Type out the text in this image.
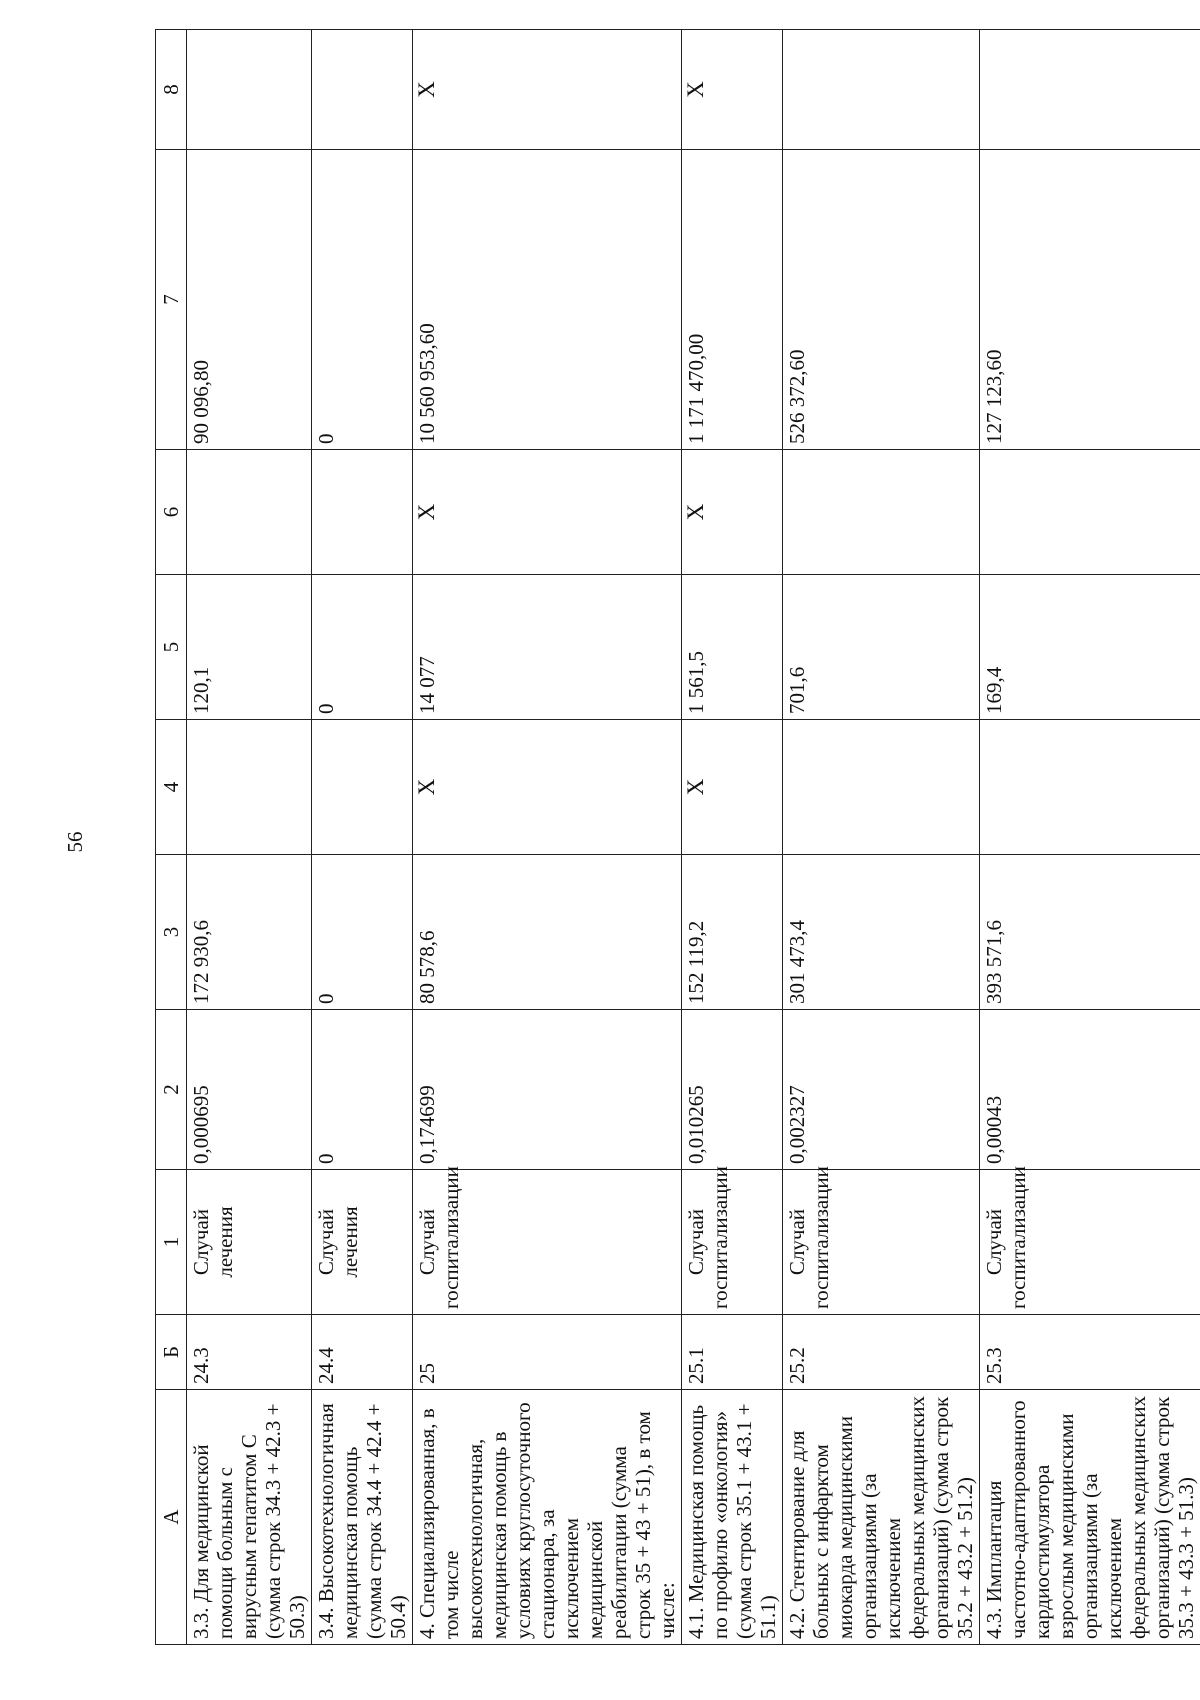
56
А	Б	1	2	3	4	5	6	7	8
3.3. Для медицинской помощи больным с вирусным гепатитом С (сумма строк 34.3 + 42.3 + 50.3)	24.3	Случай лечения	0,000695	172 930,6		120,1		90 096,80	
3.4. Высокотехнологичная медицинская помощь (сумма строк 34.4 + 42.4 + 50.4)	24.4	Случай лечения	0	0		0		0	
4. Специализированная, в том числе высокотехнологичная, медицинская помощь в условиях круглосуточного стационара, за исключением медицинской реабилитации (сумма строк 35 + 43 + 51), в том числе:	25	Случай госпитализации	0,174699	80 578,6	Х	14 077	Х	10 560 953,60	Х
4.1. Медицинская помощь по профилю «онкология» (сумма строк 35.1 + 43.1 + 51.1)	25.1	Случай госпитализации	0,010265	152 119,2	Х	1 561,5	Х	1 171 470,00	Х
4.2. Стентирование для больных с инфарктом миокарда медицинскими организациями (за исключением федеральных медицинских организаций) (сумма строк 35.2 + 43.2 + 51.2)	25.2	Случай госпитализации	0,002327	301 473,4		701,6		526 372,60	
4.3. Имплантация частотно-адаптированного кардиостимулятора взрослым медицинскими организациями (за исключением федеральных медицинских организаций) (сумма строк 35.3 + 43.3 + 51.3)	25.3	Случай госпитализации	0,00043	393 571,6		169,4		127 123,60	
